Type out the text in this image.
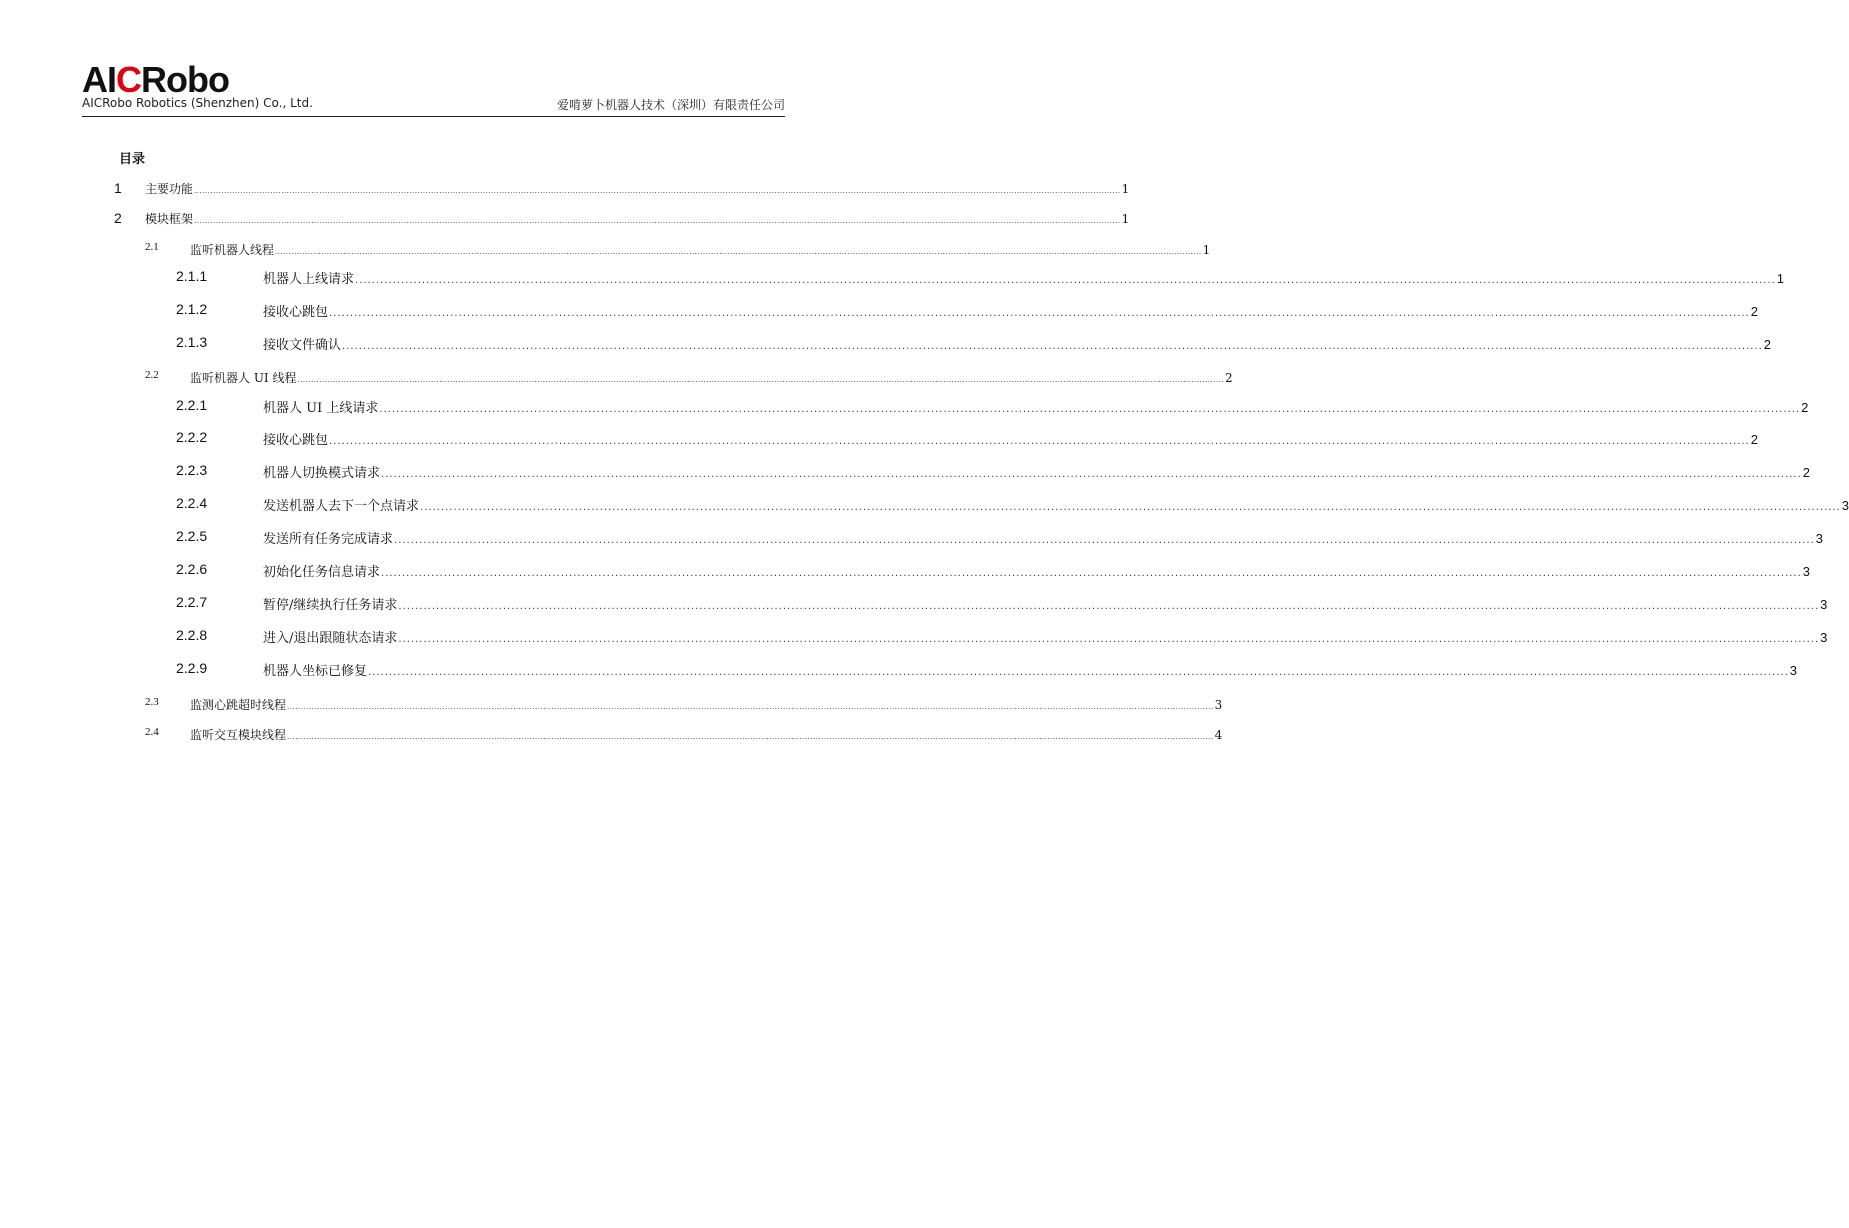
AICRobo
AICRobo Robotics (Shenzhen) Co., Ltd.	爱啃萝卜机器人技术（深圳）有限责任公司
目录
1 主要功能 .................................................................................................................................................................................................................................................................................................................................................... 1
2 模块框架 .................................................................................................................................................................................................................................................................................................................................................... 1
2.1	监听机器人线程 .................................................................................................................................................................................................................................................................................................................................................... 1
2.1.1	机器人上线请求 .................................................................................................................................................................................................................................................................................................................................................... 1
2.1.2	接收心跳包 .................................................................................................................................................................................................................................................................................................................................................... 2
2.1.3	接收文件确认 .................................................................................................................................................................................................................................................................................................................................................... 2
2.2	监听机器人 UI 线程 .................................................................................................................................................................................................................................................................................................................................................... 2
2.2.1	机器人 UI 上线请求 .................................................................................................................................................................................................................................................................................................................................................... 2
2.2.2	接收心跳包 .................................................................................................................................................................................................................................................................................................................................................... 2
2.2.3	机器人切换模式请求 .................................................................................................................................................................................................................................................................................................................................................... 2
2.2.4	发送机器人去下一个点请求 .................................................................................................................................................................................................................................................................................................................................................... 3
2.2.5	发送所有任务完成请求 .................................................................................................................................................................................................................................................................................................................................................... 3
2.2.6	初始化任务信息请求 .................................................................................................................................................................................................................................................................................................................................................... 3
2.2.7	暂停/继续执行任务请求 .................................................................................................................................................................................................................................................................................................................................................... 3
2.2.8	进入/退出跟随状态请求 .................................................................................................................................................................................................................................................................................................................................................... 3
2.2.9	机器人坐标已修复 .................................................................................................................................................................................................................................................................................................................................................... 3
2.3	监测心跳超时线程 .................................................................................................................................................................................................................................................................................................................................................... 3
2.4	监听交互模块线程 .................................................................................................................................................................................................................................................................................................................................................... 4
